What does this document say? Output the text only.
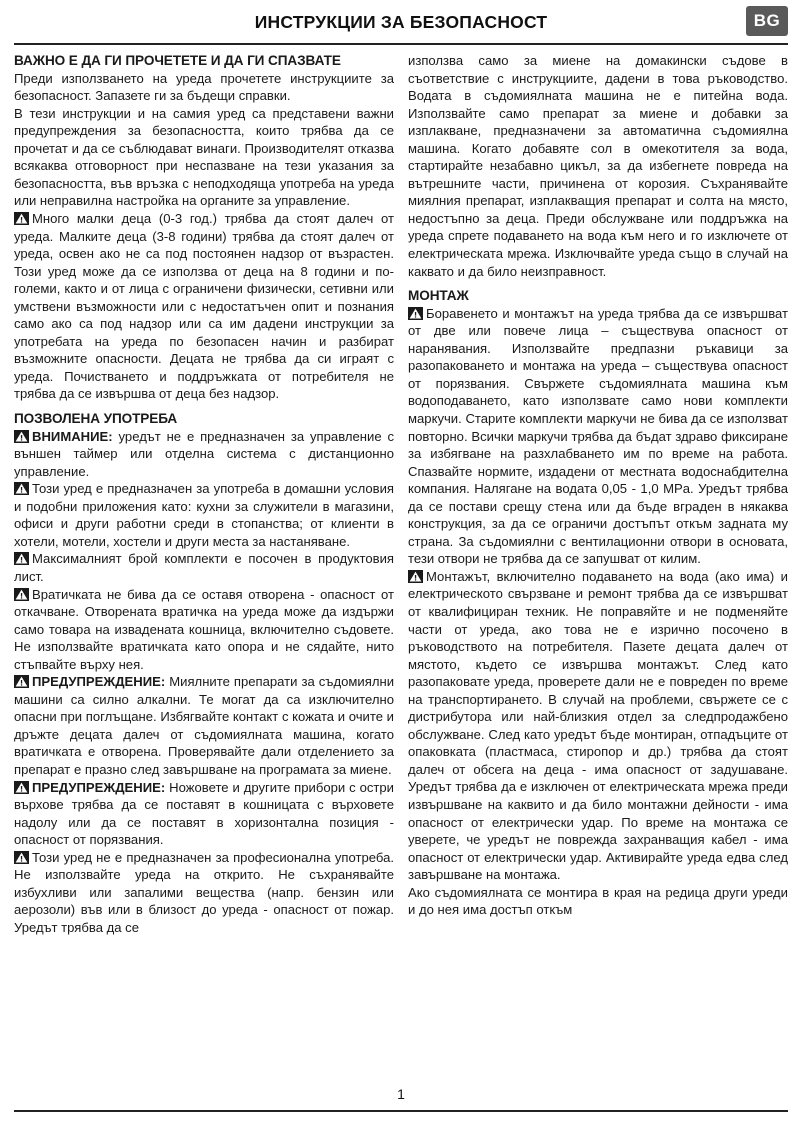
ИНСТРУКЦИИ ЗА БЕЗОПАСНОСТ	BG
ВАЖНО Е ДА ГИ ПРОЧЕТЕТЕ И ДА ГИ СПАЗВАТЕ

Преди използването на уреда прочетете инструкциите за безопасност. Запазете ги за бъдещи справки.

В тези инструкции и на самия уред са представени важни предупреждения за безопасността, които трябва да се прочетат и да се съблюдават винаги. Производителят отказва всякаква отговорност при неспазване на тези указания за безопасността, във връзка с неподходяща употреба на уреда или неправилна настройка на органите за управление.

Много малки деца (0-3 год.) трябва да стоят далеч от уреда. Малките деца (3-8 години) трябва да стоят далеч от уреда, освен ако не са под постоянен надзор от възрастен. Този уред може да се използва от деца на 8 години и по-големи, както и от лица с ограничени физически, сетивни или умствени възможности или с недостатъчен опит и познания само ако са под надзор или са им дадени инструкции за употребата на уреда по безопасен начин и разбират възможните опасности. Децата не трябва да си играят с уреда. Почистването и поддръжката от потребителя не трябва да се извършва от деца без надзор.

ПОЗВОЛЕНА УПОТРЕБА

ВНИМАНИЕ: уредът не е предназначен за управление с външен таймер или отделна система с дистанционно управление.

Този уред е предназначен за употреба в домашни условия и подобни приложения като: кухни за служители в магазини, офиси и други работни среди в стопанства; от клиенти в хотели, мотели, хостели и други места за настаняване.

Максималният брой комплекти е посочен в продуктовия лист.

Вратичката не бива да се оставя отворена - опасност от откачване. Отворената вратичка на уреда може да издържи само товара на извадената кошница, включително съдовете. Не използвайте вратичката като опора и не сядайте, нито стъпвайте върху нея.

ПРЕДУПРЕЖДЕНИЕ: Миялните препарати за съдомиялни машини са силно алкални. Те могат да са изключително опасни при поглъщане. Избягвайте контакт с кожата и очите и дръжте децата далеч от съдомиялната машина, когато вратичката е отворена. Проверявайте дали отделението за препарат е празно след завършване на програмата за миене.

ПРЕДУПРЕЖДЕНИЕ: Ножовете и другите прибори с остри върхове трябва да се поставят в кошницата с върховете надолу или да се поставят в хоризонтална позиция - опасност от порязвания.

Този уред не е предназначен за професионална употреба. Не използвайте уреда на открито. Не съхранявайте избухливи или запалими вещества (напр. бензин или аерозоли) във или в близост до уреда - опасност от пожар. Уредът трябва да се

използва само за миене на домакински съдове в съответствие с инструкциите, дадени в това ръководство. Водата в съдомиялната машина не е питейна вода. Използвайте само препарат за миене и добавки за изплакване, предназначени за автоматична съдомиялна машина. Когато добавяте сол в омекотителя за вода, стартирайте незабавно цикъл, за да избегнете повреда на вътрешните части, причинена от корозия. Съхранявайте миялния препарат, изплакващия препарат и солта на място, недостъпно за деца. Преди обслужване или поддръжка на уреда спрете подаването на вода към него и го изключете от електрическата мрежа. Изключвайте уреда също в случай на каквато и да било неизправност.

МОНТАЖ

Боравенето и монтажът на уреда трябва да се извършват от две или повече лица – съществува опасност от наранявания. Използвайте предпазни ръкавици за разопаковането и монтажа на уреда – съществува опасност от порязвания. Свържете съдомиялната машина към водоподаването, като използвате само нови комплекти маркучи. Старите комплекти маркучи не бива да се използват повторно. Всички маркучи трябва да бъдат здраво фиксиране за избягване на разхлабването им по време на работа. Спазвайте нормите, издадени от местната водоснабдителна компания. Налягане на водата 0,05 - 1,0 MPa. Уредът трябва да се постави срещу стена или да бъде вграден в някаква конструкция, за да се ограничи достъпът откъм задната му страна. За съдомиялни с вентилационни отвори в основата, тези отвори не трябва да се запушват от килим.

Монтажът, включително подаването на вода (ако има) и електрическото свързване и ремонт трябва да се извършват от квалифициран техник. Не поправяйте и не подменяйте части от уреда, ако това не е изрично посочено в ръководството на потребителя. Пазете децата далеч от мястото, където се извършва монтажът. След като разопаковате уреда, проверете дали не е повреден по време на транспортирането. В случай на проблеми, свържете се с дистрибутора или най-близкия отдел за следпродажбено обслужване. След като уредът бъде монтиран, отпадъците от опаковката (пластмаса, стиропор и др.) трябва да стоят далеч от обсега на деца - има опасност от задушаване. Уредът трябва да е изключен от електрическата мрежа преди извършване на каквито и да било монтажни дейности - има опасност от електрически удар. По време на монтажа се уверете, че уредът не поврежда захранващия кабел - има опасност от електрически удар. Активирайте уреда едва след завършване на монтажа.

Ако съдомиялната се монтира в края на редица други уреди и до нея има достъп откъм

1
